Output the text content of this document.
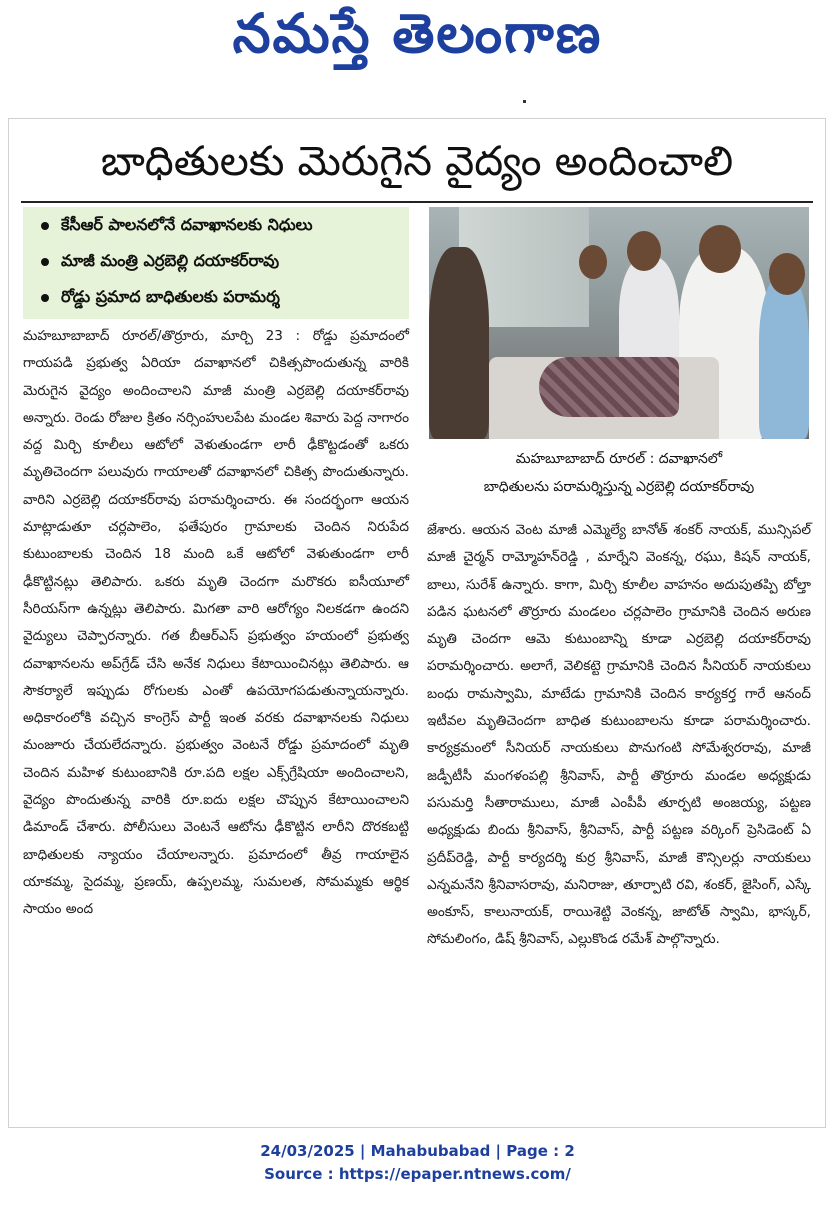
నమస్తే తెలంగాణ
బాధితులకు మెరుగైన వైద్యం అందించాలి
కేసీఆర్ పాలనలోనే దవాఖానలకు నిధులు
మాజీ మంత్రి ఎర్రబెల్లి దయాకర్‌రావు
రోడ్డు ప్రమాద బాధితులకు పరామర్శ

మహబూబాబాద్ రూరల్/తొర్రూరు, మార్చి 23 : రోడ్డు ప్రమాదంలో గాయపడి ప్రభుత్వ ఏరియా దవాఖానలో చికిత్సపొందుతున్న వారికి మెరుగైన వైద్యం అందించాలని మాజీ మంత్రి ఎర్రబెల్లి దయాకర్‌రావు అన్నారు. రెండు రోజుల క్రితం నర్సింహులపేట మండల శివారు పెద్ద నాగారం వద్ద మిర్చి కూలీలు ఆటోలో వెళుతుండగా లారీ ఢీకొట్టడంతో ఒకరు మృతిచెందగా పలువురు గాయాలతో దవాఖానలో చికిత్స పొందుతున్నారు. వారిని ఎర్రబెల్లి దయాకర్‌రావు పరామర్శించారు. ఈ సందర్భంగా ఆయన మాట్లాడుతూ చర్లపాలెం, ఫతేపురం గ్రామాలకు చెందిన నిరుపేద కుటుంబాలకు చెందిన 18 మంది ఒకే ఆటోలో వెళుతుండగా లారీ ఢీకొట్టినట్లు తెలిపారు. ఒకరు మృతి చెందగా మరొకరు ఐసీయూలో సీరియస్‌గా ఉన్నట్లు తెలిపారు. మిగతా వారి ఆరోగ్యం నిలకడగా ఉందని వైద్యులు చెప్పారన్నారు. గత బీఆర్‌ఎస్ ప్రభుత్వం హయంలో ప్రభుత్వ దవాఖానలను అప్‌గ్రేడ్ చేసి అనేక నిధులు కేటాయించినట్లు తెలిపారు. ఆ సౌకర్యాలే ఇప్పుడు రోగులకు ఎంతో ఉపయోగపడుతున్నాయన్నారు. అధికారంలోకి వచ్చిన కాంగ్రెస్ పార్టీ ఇంత వరకు దవాఖానలకు నిధులు మంజూరు చేయలేదన్నారు. ప్రభుత్వం వెంటనే రోడ్డు ప్రమాదంలో మృతి చెందిన మహిళ కుటుంబానికి రూ.పది లక్షల ఎక్స్‌గ్రేషియా అందించాలని, వైద్యం పొందుతున్న వారికి రూ.ఐదు లక్షల చొప్పున కేటాయించాలని డిమాండ్ చేశారు. పోలీసులు వెంటనే ఆటోను ఢీకొట్టిన లారీని దొరకబట్టి బాధితులకు న్యాయం చేయాలన్నారు. ప్రమాదంలో తీవ్ర గాయాలైన యాకమ్మ, సైదమ్మ, ప్రణయ్, ఉప్పలమ్మ, సుమలత, సోమమ్మకు ఆర్థిక సాయం అంద

మహబూబాబాద్ రూరల్ : దవాఖానలో
బాధితులను పరామర్శిస్తున్న ఎర్రబెల్లి దయాకర్‌రావు

జేశారు. ఆయన వెంట మాజీ ఎమ్మెల్యే బానోత్ శంకర్ నాయక్, మున్సిపల్ మాజీ చైర్మన్ రామ్మోహన్‌రెడ్డి , మార్నేని వెంకన్న, రఘు, కిషన్ నాయక్, బాలు, సురేశ్ ఉన్నారు. కాగా, మిర్చి కూలీల వాహనం అదుపుతప్పి బోల్తా పడిన ఘటనలో తొర్రూరు మండలం చర్లపాలెం గ్రామానికి చెందిన అరుణ మృతి చెందగా ఆమె కుటుంబాన్ని కూడా ఎర్రబెల్లి దయాకర్‌రావు పరామర్శించారు. అలాగే, వెలికట్టె గ్రామానికి చెందిన సీనియర్ నాయకులు బంధు రామస్వామి, మాటేడు గ్రామానికి చెందిన కార్యకర్త గారే ఆనంద్ ఇటీవల మృతిచెందగా బాధిత కుటుంబాలను కూడా పరామర్శించారు. కార్యక్రమంలో సీనియర్ నాయకులు పొనుగంటి సోమేశ్వరరావు, మాజీ జడ్పీటీసీ మంగళంపల్లి శ్రీనివాస్, పార్టీ తొర్రూరు మండల అధ్యక్షుడు పసుమర్తి సీతారాములు, మాజీ ఎంపీపీ తూర్పటి అంజయ్య, పట్టణ అధ్యక్షుడు బిందు శ్రీనివాస్, శ్రీనివాస్, పార్టీ పట్టణ వర్కింగ్ ప్రెసిడెంట్ ఏ ప్రదీప్‌రెడ్డి, పార్టీ కార్యదర్శి కుర్ర శ్రీనివాస్, మాజీ కౌన్సిలర్లు నాయకులు ఎన్నమనేని శ్రీనివాసరావు, మనిరాజు, తూర్పాటి రవి, శంకర్, జైసింగ్, ఎస్కే అంకూస్, కాలునాయక్, రాయిశెట్టి వెంకన్న, జాటోత్ స్వామి, భాస్కర్, సోమలింగం, డిష్ శ్రీనివాస్, ఎల్లుకొండ రమేశ్ పాల్గొన్నారు.

24/03/2025 | Mahabubabad | Page : 2
Source : https://epaper.ntnews.com/
